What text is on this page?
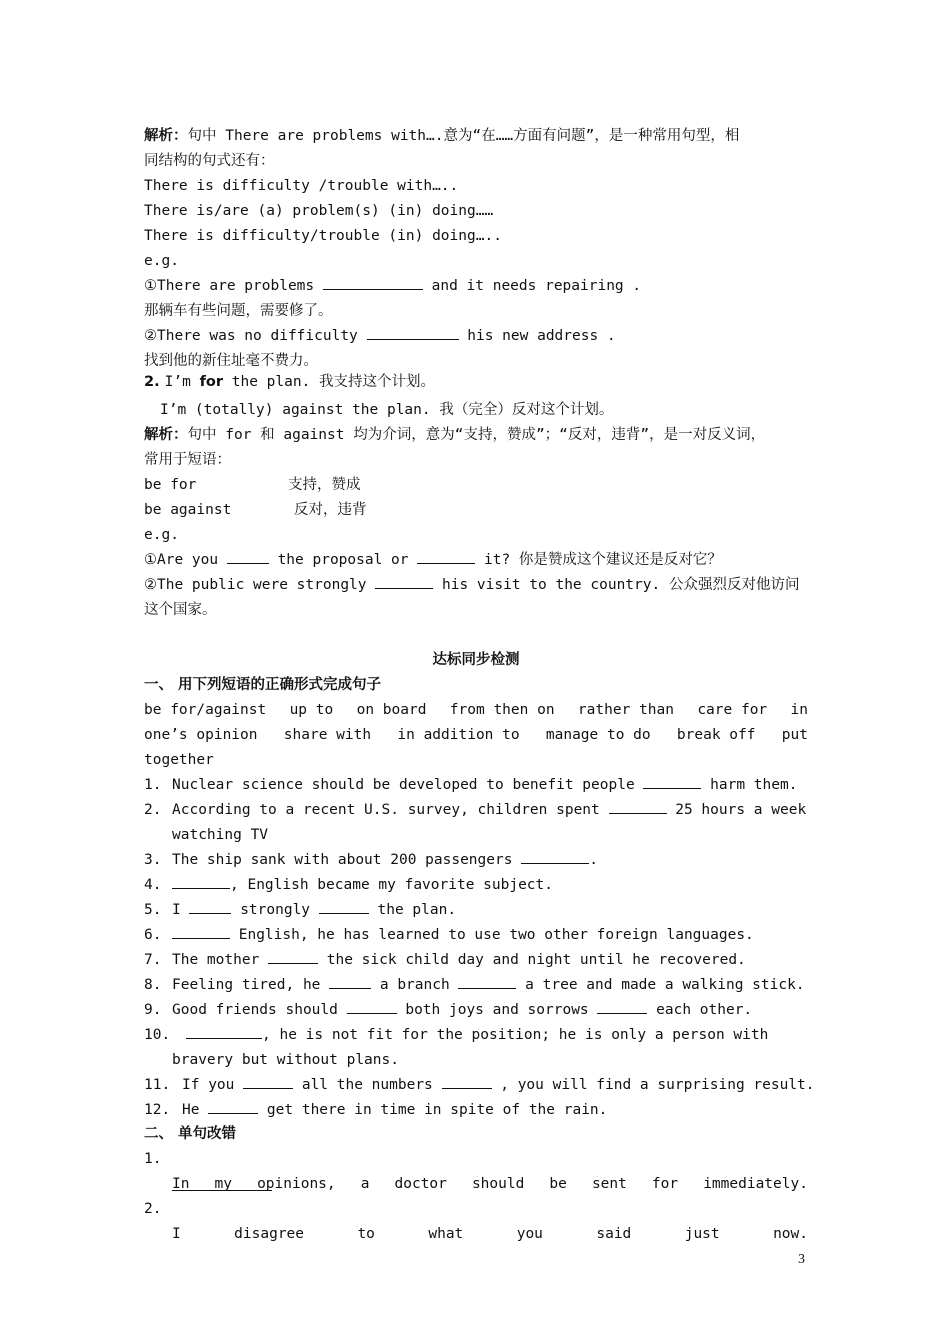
解析：句中 There are problems with….意为“在……方面有问题”，是一种常用句型，相
同结构的句式还有：
There is difficulty /trouble with…..
There is/are (a) problem(s) (in) doing……
There is difficulty/trouble (in) doing…..
e.g.
①There are problems	and it needs repairing .
那辆车有些问题，需要修了。
②There was no difficulty	his new address .
找到他的新住址毫不费力。
2. I’m for the plan. 我支持这个计划。
I’m (totally) against the plan. 我（完全）反对这个计划。
解析：句中 for 和 against 均为介词，意为“支持，赞成”；“反对，违背”，是一对反义词，
常用于短语：
be for	支持，赞成
be against	反对，违背
e.g.
①Are you	the proposal or	it? 你是赞成这个建议还是反对它？
②The public were strongly	his visit to the country. 公众强烈反对他访问
这个国家。
达标同步检测
一、 用下列短语的正确形式完成句子
be for/against up to on board from then on rather than care for in
one’s opinion share with in addition to manage to do break off put
together
1. Nuclear science should be developed to benefit people	harm them.
2. According to a recent U.S. survey, children spent	25 hours a week
watching TV
3. The ship sank with about 200 passengers	.
4.	, English became my favorite subject.
5. I	strongly	the plan.
6.	English, he has learned to use two other foreign languages.
7. The mother	the sick child day and night until he recovered.
8. Feeling tired, he	a branch	a tree and made a walking stick.
9. Good friends should	both joys and sorrows	each other.
10.	, he is not fit for the position; he is only a person with
bravery but without plans.
11. If you	all the numbers	, you will find a surprising result.
12. He	get there in time in spite of the rain.
二、 单句改错
1.
In my opinions, a doctor should be sent for immediately.
2.
I	disagree	to	what	you	said	just	now.
3
